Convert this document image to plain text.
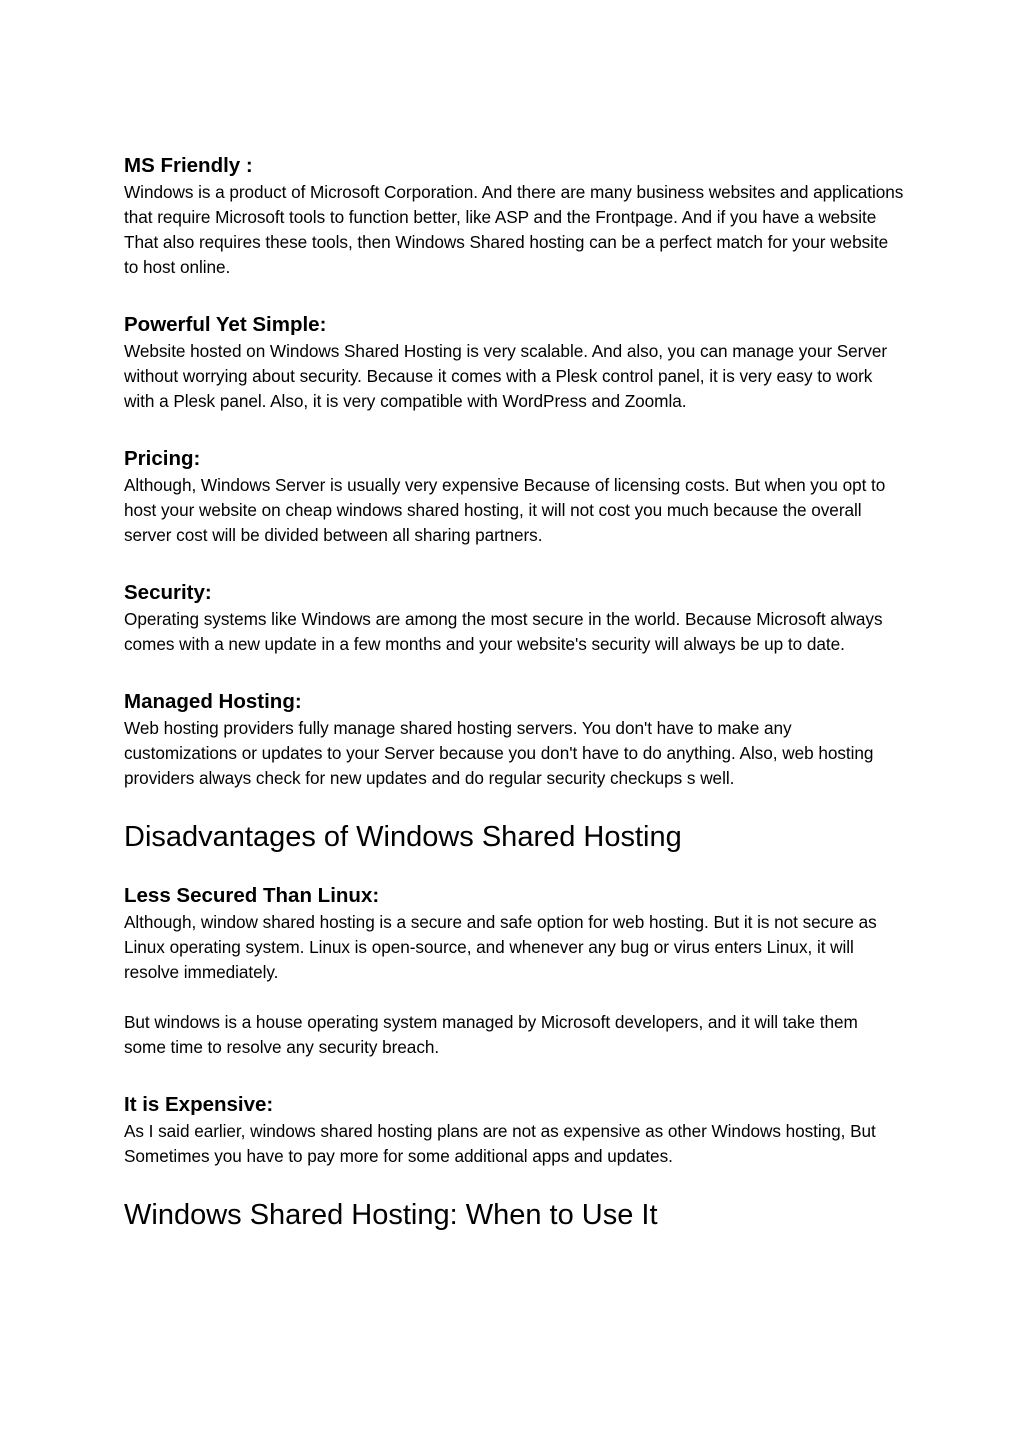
MS Friendly :

Windows is a product of Microsoft Corporation. And there are many business websites and applications that require Microsoft tools to function better, like ASP and the Frontpage. And if you have a website That also requires these tools, then Windows Shared hosting can be a perfect match for your website to host online.

Powerful Yet Simple:

Website hosted on Windows Shared Hosting is very scalable. And also, you can manage your Server without worrying about security. Because it comes with a Plesk control panel, it is very easy to work with a Plesk panel. Also, it is very compatible with WordPress and Zoomla.

Pricing:

Although, Windows Server is usually very expensive Because of licensing costs. But when you opt to host your website on cheap windows shared hosting, it will not cost you much because the overall server cost will be divided between all sharing partners.

Security:

Operating systems like Windows are among the most secure in the world. Because Microsoft always comes with a new update in a few months and your website's security will always be up to date.

Managed Hosting:

Web hosting providers fully manage shared hosting servers. You don't have to make any customizations or updates to your Server because you don't have to do anything. Also, web hosting providers always check for new updates and do regular security checkups s well.

Disadvantages of Windows Shared Hosting
Less Secured Than Linux:

Although, window shared hosting is a secure and safe option for web hosting. But it is not secure as Linux operating system. Linux is open-source, and whenever any bug or virus enters Linux, it will resolve immediately.

But windows is a house operating system managed by Microsoft developers, and it will take them some time to resolve any security breach.

It is Expensive:

As I said earlier, windows shared hosting plans are not as expensive as other Windows hosting, But Sometimes you have to pay more for some additional apps and updates.

Windows Shared Hosting: When to Use It
